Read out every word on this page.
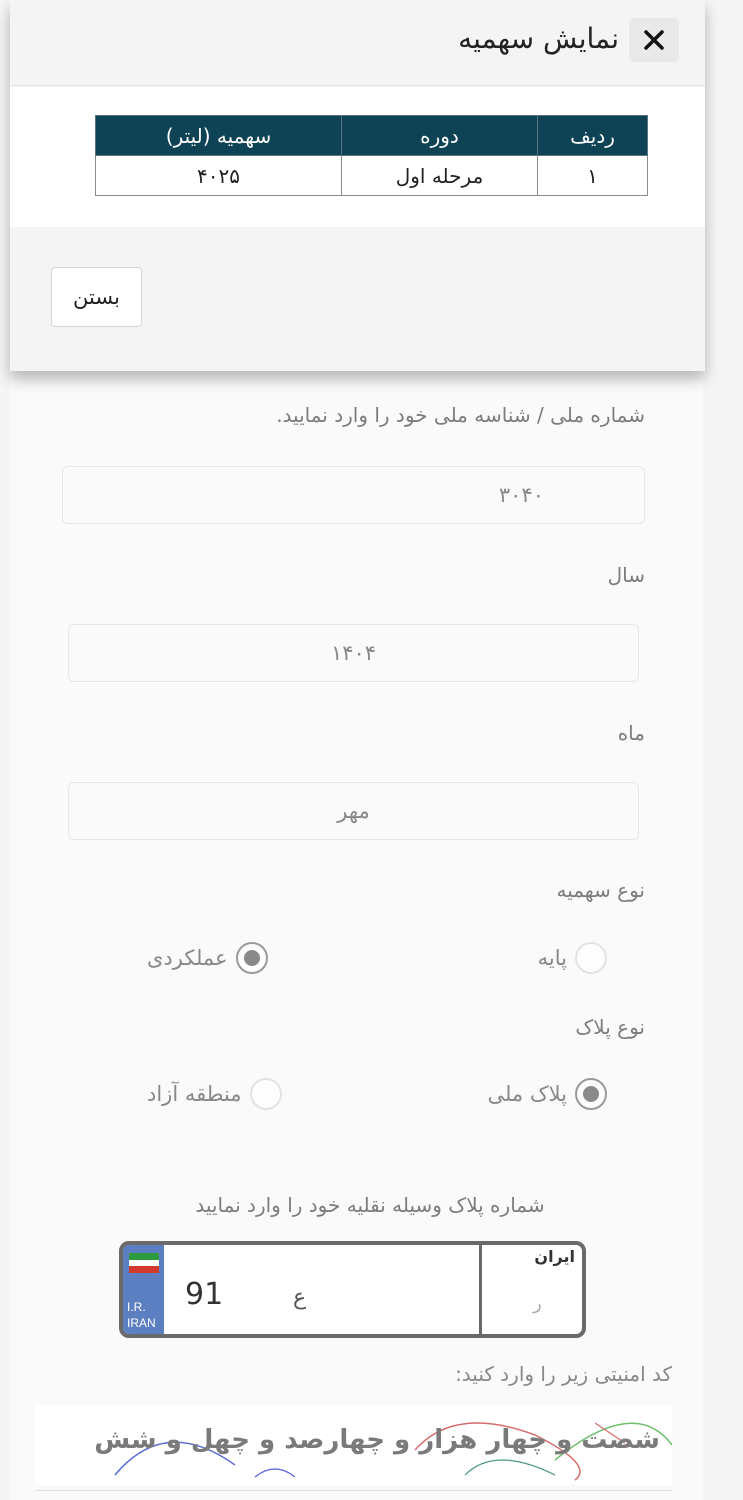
شماره ملی / شناسه ملی خود را وارد نمایید.
۳۰۴۰
سال
۱۴۰۴
ماه
مهر
نوع سهمیه
پایه
عملکردی
نوع پلاک
پلاک ملی
منطقه آزاد
شماره پلاک وسیله نقلیه خود را وارد نمایید
I.R.
IRAN
91	ع
ایران
ر
کد امنیتی زیر را وارد کنید:
شصت و چهار هزار و چهارصد و چهل و شش
نمایش سهمیه
ردیف	دوره	سهمیه (لیتر)
۱	مرحله اول	۴۰۲۵
بستن
